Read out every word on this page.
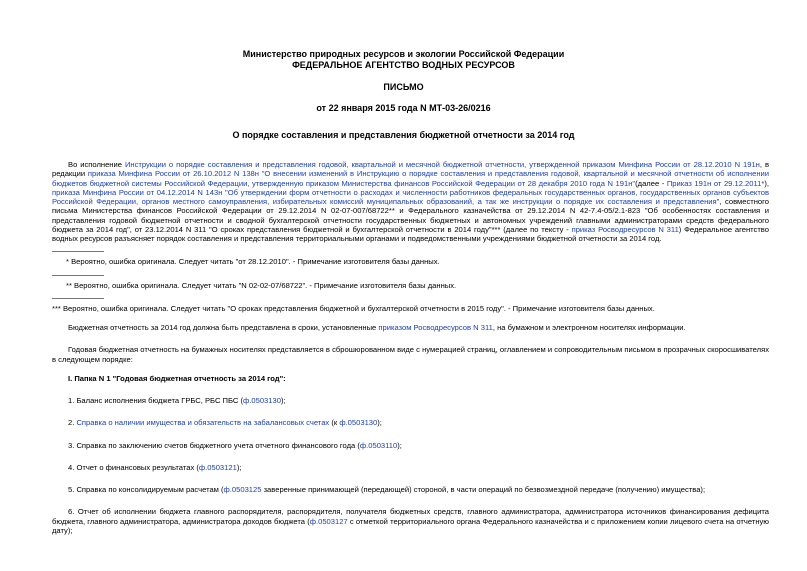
Министерство природных ресурсов и экологии Российской Федерации
ФЕДЕРАЛЬНОЕ АГЕНТСТВО ВОДНЫХ РЕСУРСОВ
ПИСЬМО
от 22 января 2015 года N МТ-03-26/0216
О порядке составления и представления бюджетной отчетности за 2014 год

Во исполнение Инструкции о порядке составления и представления годовой, квартальной и месячной бюджетной отчетности, утвержденной приказом Минфина России от 28.12.2010 N 191н, в редакции приказа Минфина России от 26.10.2012 N 138н "О внесении изменений в Инструкцию о порядке составления и представления годовой, квартальной и месячной отчетности об исполнении бюджетов бюджетной системы Российской Федерации, утвержденную приказом Министерства финансов Российской Федерации от 28 декабря 2010 года N 191н"(далее - Приказ 191н от 29.12.2011*), приказа Минфина России от 04.12.2014 N 143н "Об утверждении форм отчетности о расходах и численности работников федеральных государственных органов, государственных органов субъектов Российской Федерации, органов местного самоуправления, избирательных комиссий муниципальных образований, а так же инструкции о порядке их составления и представления", совместного письма Министерства финансов Российской Федерации от 29.12.2014 N 02-07-007/68722** и Федерального казначейства от 29.12.2014 N 42-7.4-05/2.1-823 "Об особенностях составления и представления годовой бюджетной отчетности и сводной бухгалтерской отчетности государственных бюджетных и автономных учреждений главными администраторами средств федерального бюджета за 2014 год", от 23.12.2014 N 311 "О сроках представления бюджетной и бухгалтерской отчетности в 2014 году"*** (далее по тексту - приказ Росводресурсов N 311) Федеральное агентство водных ресурсов разъясняет порядок составления и представления территориальными органами и подведомственными учреждениями бюджетной отчетности за 2014 год.

* Вероятно, ошибка оригинала. Следует читать "от 28.12.2010". - Примечание изготовителя базы данных.

** Вероятно, ошибка оригинала. Следует читать "N 02-02-07/68722". - Примечание изготовителя базы данных.

*** Вероятно, ошибка оригинала. Следует читать "О сроках представления бюджетной и бухгалтерской отчетности в 2015 году". - Примечание изготовителя базы данных.

Бюджетная отчетность за 2014 год должна быть представлена в сроки, установленные приказом Росводресурсов N 311, на бумажном и электронном носителях информации.

Годовая бюджетная отчетность на бумажных носителях представляется в сброшюрованном виде с нумерацией страниц, оглавлением и сопроводительным письмом в прозрачных скоросшивателях в следующем порядке:

I. Папка N 1 "Годовая бюджетная отчетность за 2014 год":

1. Баланс исполнения бюджета ГРБС, РБС ПБС (ф.0503130);

2. Справка о наличии имущества и обязательств на забалансовых счетах (к ф.0503130);

3. Справка по заключению счетов бюджетного учета отчетного финансового года (ф.0503110);

4. Отчет о финансовых результатах (ф.0503121);

5. Справка по консолидируемым расчетам (ф.0503125 заверенные принимающей (передающей) стороной, в части операций по безвозмездной передаче (получению) имущества);

6. Отчет об исполнении бюджета главного распорядителя, распорядителя, получателя бюджетных средств, главного администратора, администратора источников финансирования дефицита бюджета, главного администратора, администратора доходов бюджета (ф.0503127 с отметкой территориального органа Федерального казначейства и с приложением копии лицевого счета на отчетную дату);
